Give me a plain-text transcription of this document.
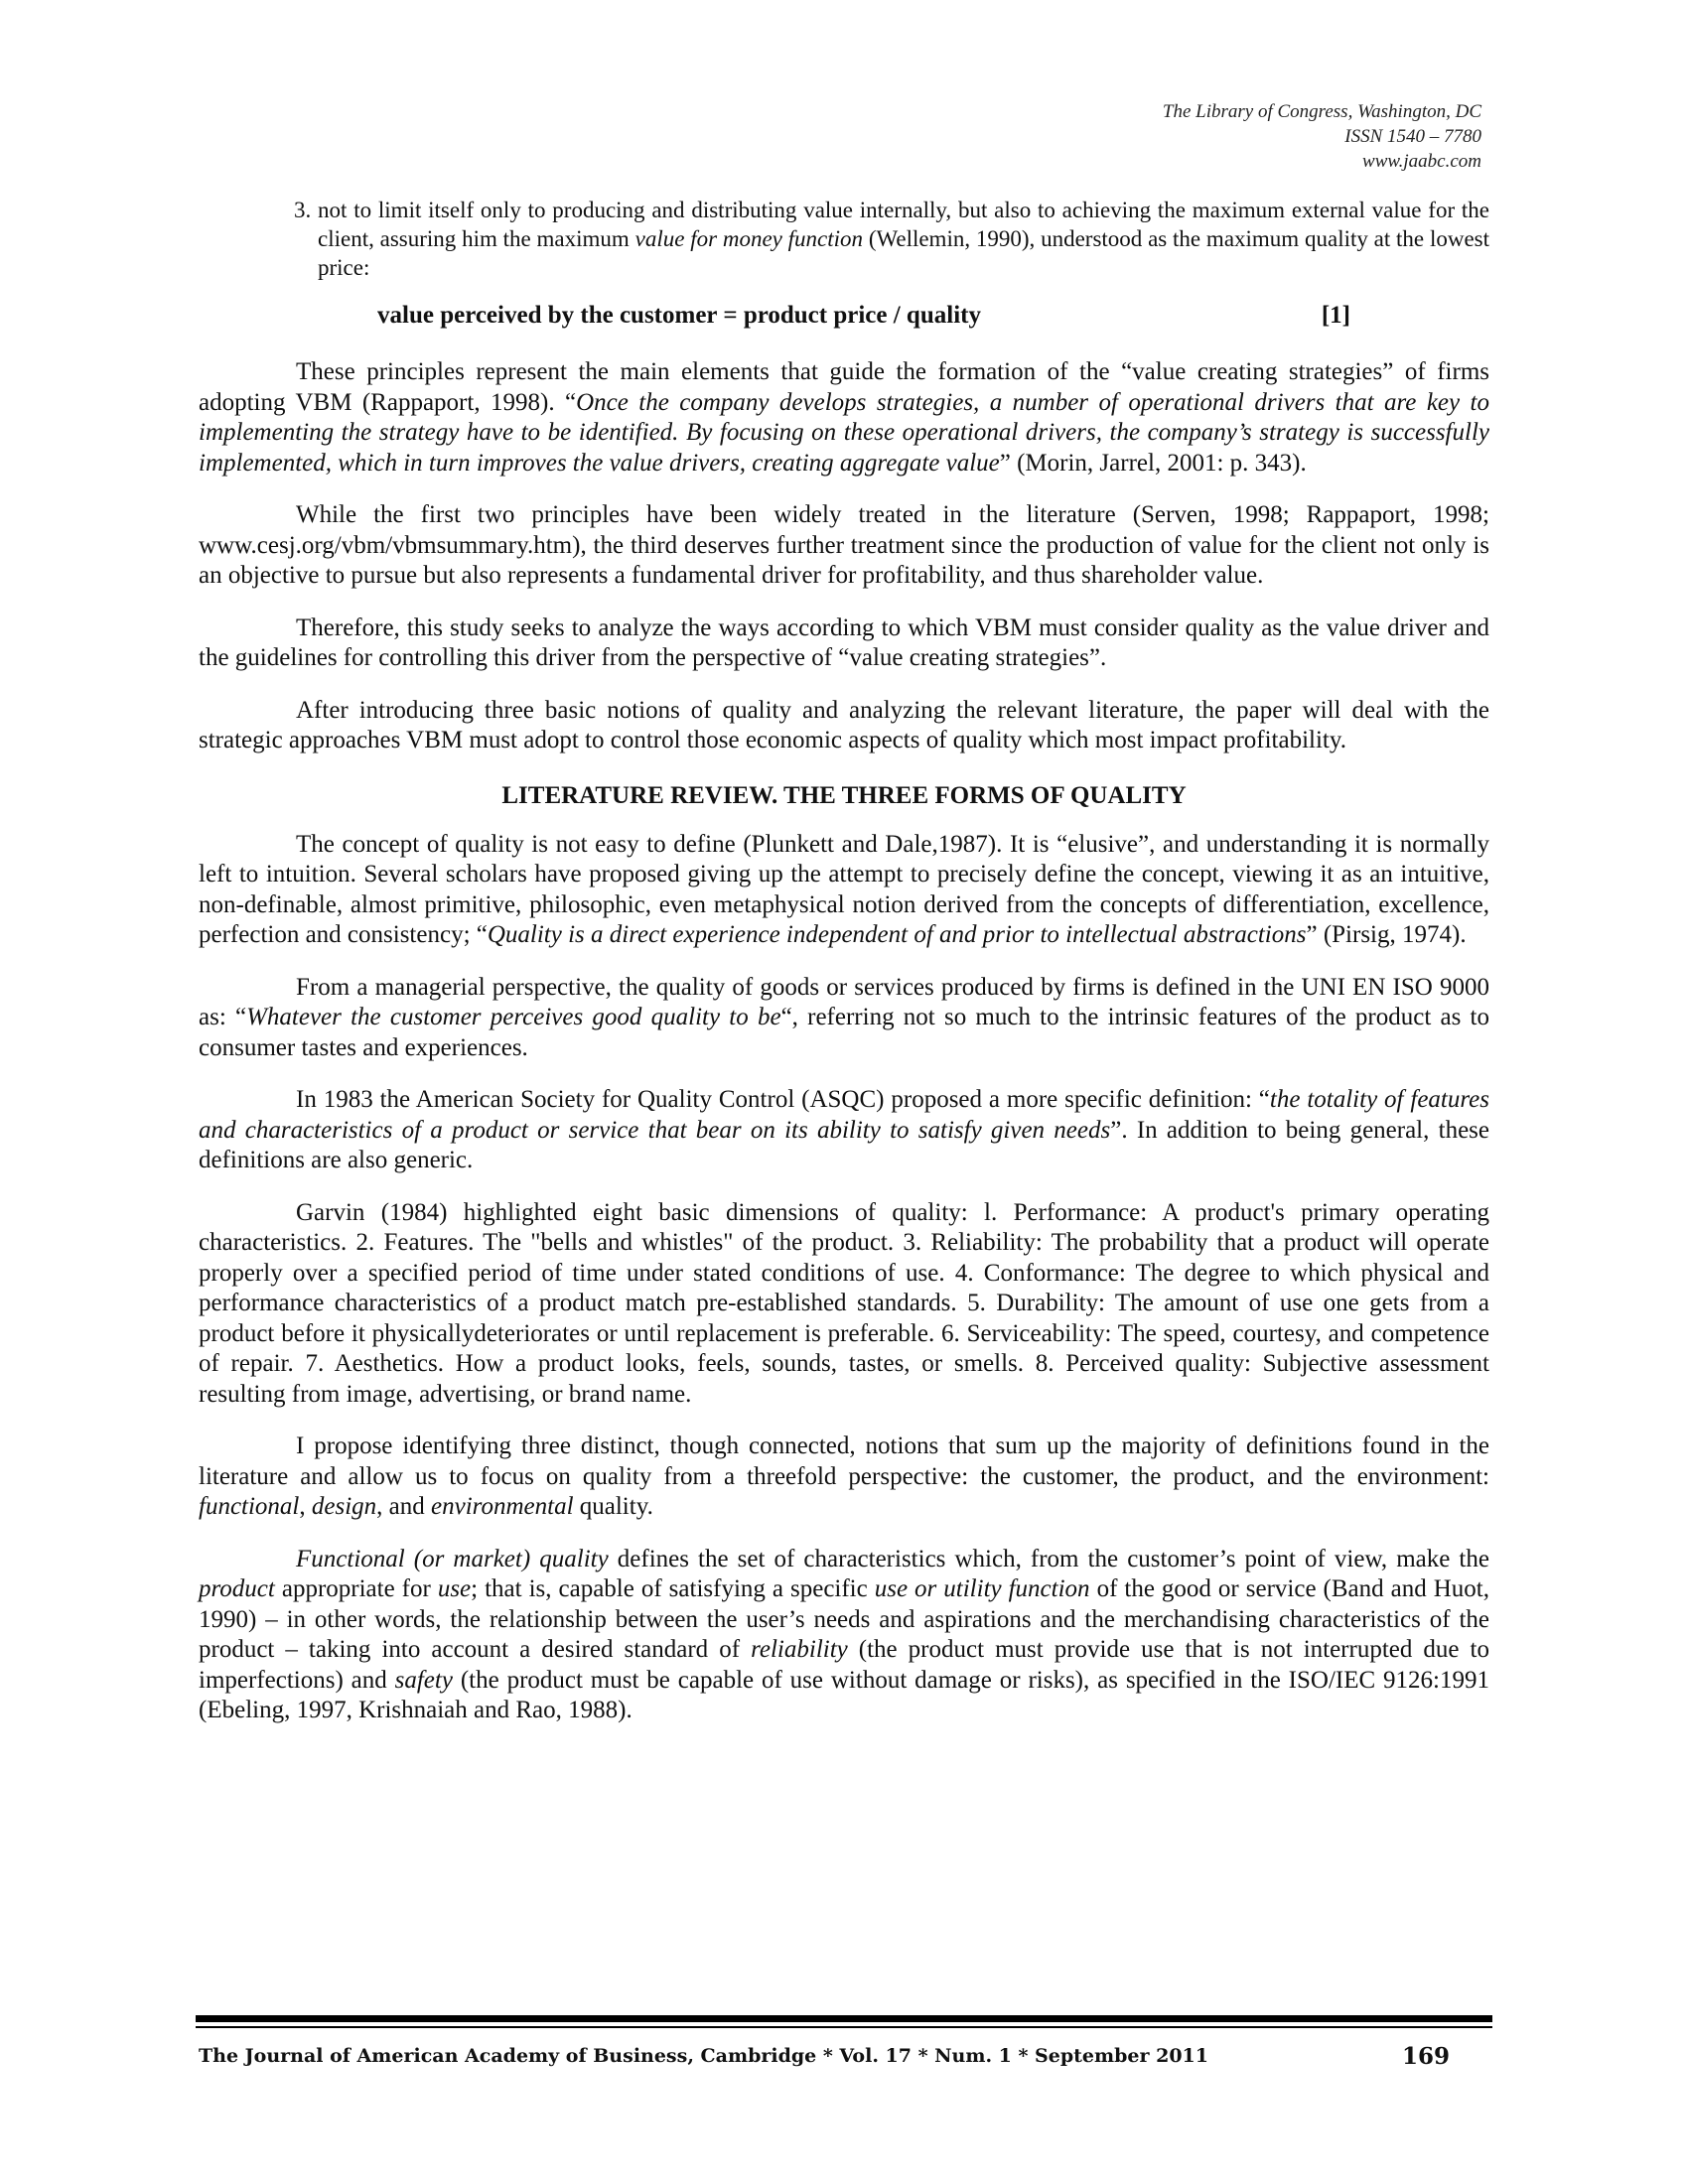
The Library of Congress, Washington, DC
ISSN 1540 – 7780
www.jaabc.com
3. not to limit itself only to producing and distributing value internally, but also to achieving the maximum external value for the client, assuring him the maximum value for money function (Wellemin, 1990), understood as the maximum quality at the lowest price:
value perceived by the customer = product price / quality	[1]

These principles represent the main elements that guide the formation of the “value creating strategies” of firms adopting VBM (Rappaport, 1998). “Once the company develops strategies, a number of operational drivers that are key to implementing the strategy have to be identified. By focusing on these operational drivers, the company’s strategy is successfully implemented, which in turn improves the value drivers, creating aggregate value” (Morin, Jarrel, 2001: p. 343).

While the first two principles have been widely treated in the literature (Serven, 1998; Rappaport, 1998; www.cesj.org/vbm/vbmsummary.htm), the third deserves further treatment since the production of value for the client not only is an objective to pursue but also represents a fundamental driver for profitability, and thus shareholder value.

Therefore, this study seeks to analyze the ways according to which VBM must consider quality as the value driver and the guidelines for controlling this driver from the perspective of “value creating strategies”.

After introducing three basic notions of quality and analyzing the relevant literature, the paper will deal with the strategic approaches VBM must adopt to control those economic aspects of quality which most impact profitability.

LITERATURE REVIEW. THE THREE FORMS OF QUALITY

The concept of quality is not easy to define (Plunkett and Dale,1987). It is “elusive”, and understanding it is normally left to intuition. Several scholars have proposed giving up the attempt to precisely define the concept, viewing it as an intuitive, non-definable, almost primitive, philosophic, even metaphysical notion derived from the concepts of differentiation, excellence, perfection and consistency; “Quality is a direct experience independent of and prior to intellectual abstractions” (Pirsig, 1974).

From a managerial perspective, the quality of goods or services produced by firms is defined in the UNI EN ISO 9000 as: “Whatever the customer perceives good quality to be“, referring not so much to the intrinsic features of the product as to consumer tastes and experiences.

In 1983 the American Society for Quality Control (ASQC) proposed a more specific definition: “the totality of features and characteristics of a product or service that bear on its ability to satisfy given needs”. In addition to being general, these definitions are also generic.

Garvin (1984) highlighted eight basic dimensions of quality: l. Performance: A product's primary operating characteristics. 2. Features. The "bells and whistles" of the product. 3. Reliability: The probability that a product will operate properly over a specified period of time under stated conditions of use. 4. Conformance: The degree to which physical and performance characteristics of a product match pre-established standards. 5. Durability: The amount of use one gets from a product before it physicallydeteriorates or until replacement is preferable. 6. Serviceability: The speed, courtesy, and competence of repair. 7. Aesthetics. How a product looks, feels, sounds, tastes, or smells. 8. Perceived quality: Subjective assessment resulting from image, advertising, or brand name.

I propose identifying three distinct, though connected, notions that sum up the majority of definitions found in the literature and allow us to focus on quality from a threefold perspective: the customer, the product, and the environment: functional, design, and environmental quality.

Functional (or market) quality defines the set of characteristics which, from the customer’s point of view, make the product appropriate for use; that is, capable of satisfying a specific use or utility function of the good or service (Band and Huot, 1990) – in other words, the relationship between the user’s needs and aspirations and the merchandising characteristics of the product – taking into account a desired standard of reliability (the product must provide use that is not interrupted due to imperfections) and safety (the product must be capable of use without damage or risks), as specified in the ISO/IEC 9126:1991 (Ebeling, 1997, Krishnaiah and Rao, 1988).

The Journal of American Academy of Business, Cambridge * Vol. 17 * Num. 1 * September 2011	169
